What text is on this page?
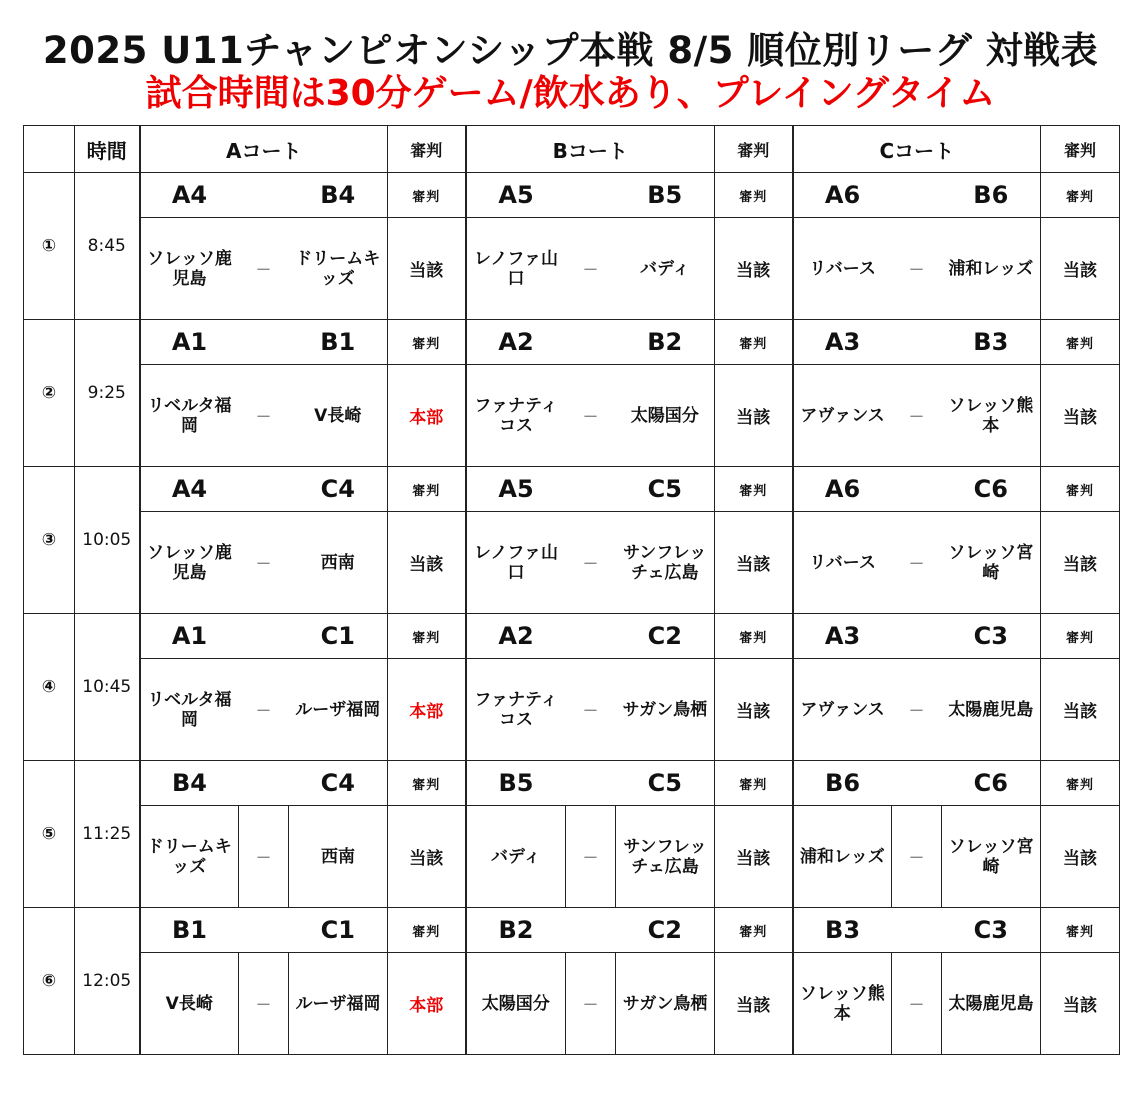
2025 U11チャンピオンシップ本戦 8/5 順位別リーグ 対戦表
試合時間は30分ゲーム/飲水あり、プレイングタイム
	時間	Aコート			審判	Bコート			審判	Cコート			審判
①	8:45	A4		B4	審判	A5		B5	審判	A6		B6	審判
		ソレッソ鹿児島	－	ドリームキッズ	当該	レノファ山口	－	バディ	当該	リバース	－	浦和レッズ	当該
②	9:25	A1		B1	審判	A2		B2	審判	A3		B3	審判
		リベルタ福岡	－	V長崎	本部	ファナティコス	－	太陽国分	当該	アヴァンス	－	ソレッソ熊本	当該
③	10:05	A4		C4	審判	A5		C5	審判	A6		C6	審判
		ソレッソ鹿児島	－	西南	当該	レノファ山口	－	サンフレッチェ広島	当該	リバース	－	ソレッソ宮崎	当該
④	10:45	A1		C1	審判	A2		C2	審判	A3		C3	審判
		リベルタ福岡	－	ルーザ福岡	本部	ファナティコス	－	サガン鳥栖	当該	アヴァンス	－	太陽鹿児島	当該
⑤	11:25	B4		C4	審判	B5		C5	審判	B6		C6	審判
		ドリームキッズ	－	西南	当該	バディ	－	サンフレッチェ広島	当該	浦和レッズ	－	ソレッソ宮崎	当該
⑥	12:05	B1		C1	審判	B2		C2	審判	B3		C3	審判
		V長崎	－	ルーザ福岡	本部	太陽国分	－	サガン鳥栖	当該	ソレッソ熊本	－	太陽鹿児島	当該
